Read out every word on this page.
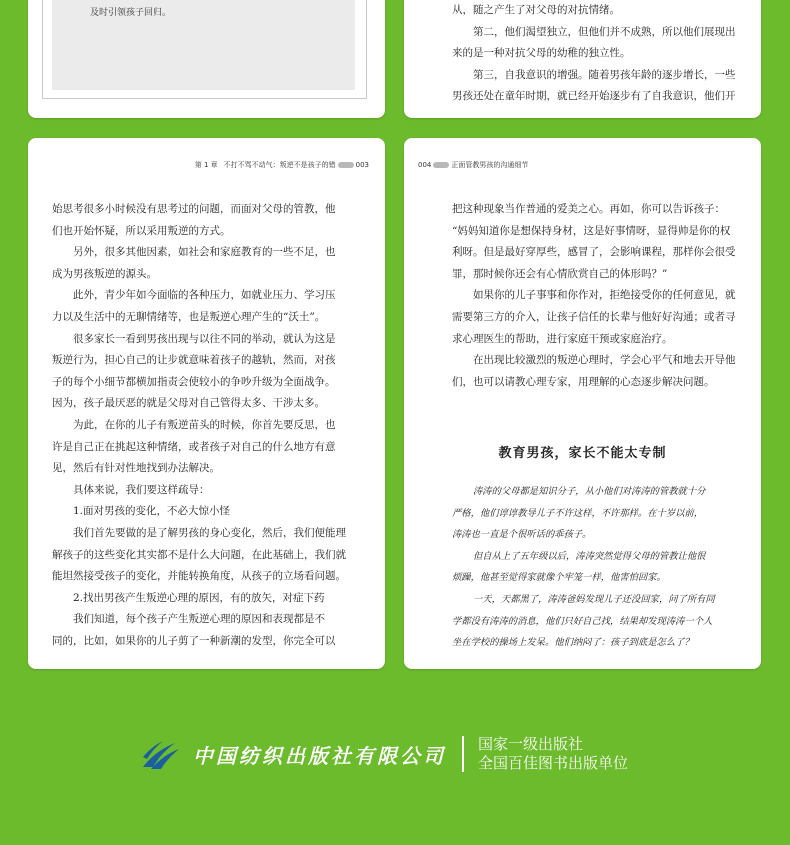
及时引领孩子回归。	从，随之产生了对父母的对抗情绪。

第二，他们渴望独立，但他们并不成熟，所以他们展现出

来的是一种对抗父母的幼稚的独立性。

第三，自我意识的增强。随着男孩年龄的逐步增长，一些

男孩还处在童年时期，就已经开始逐步有了自我意识，他们开

第 1 章 不打不骂不动气：叛逆不是孩子的错	003

始思考很多小时候没有思考过的问题，而面对父母的管教，他

们也开始怀疑，所以采用叛逆的方式。

另外，很多其他因素，如社会和家庭教育的一些不足，也

成为男孩叛逆的源头。

此外，青少年如今面临的各种压力，如就业压力、学习压

力以及生活中的无聊情绪等，也是叛逆心理产生的“沃土”。

很多家长一看到男孩出现与以往不同的举动，就认为这是

叛逆行为，担心自己的让步就意味着孩子的越轨，然而，对孩

子的每个小细节都横加指责会使较小的争吵升级为全面战争。

因为，孩子最厌恶的就是父母对自己管得太多、干涉太多。

为此，在你的儿子有叛逆苗头的时候，你首先要反思，也

许是自己正在挑起这种情绪，或者孩子对自己的什么地方有意

见，然后有针对性地找到办法解决。

具体来说，我们要这样疏导：

1.面对男孩的变化，不必大惊小怪

我们首先要做的是了解男孩的身心变化，然后，我们便能理

解孩子的这些变化其实都不是什么大问题，在此基础上，我们就

能坦然接受孩子的变化，并能转换角度，从孩子的立场看问题。

2.找出男孩产生叛逆心理的原因，有的放矢，对症下药

我们知道，每个孩子产生叛逆心理的原因和表现都是不

同的，比如，如果你的儿子剪了一种新潮的发型，你完全可以

004	正面管教男孩的沟通细节

把这种现象当作普通的爱美之心。再如，你可以告诉孩子：

“妈妈知道你是想保持身材，这是好事情呀，显得帅是你的权

利呀。但是最好穿厚些，感冒了，会影响课程，那样你会很受

罪，那时候你还会有心情欣赏自己的体形吗？”

如果你的儿子事事和你作对，拒绝接受你的任何意见，就

需要第三方的介入，让孩子信任的长辈与他好好沟通；或者寻

求心理医生的帮助，进行家庭干预或家庭治疗。

在出现比较激烈的叛逆心理时，学会心平气和地去开导他

们，也可以请教心理专家，用理解的心态逐步解决问题。

教育男孩，家长不能太专制

涛涛的父母都是知识分子，从小他们对涛涛的管教就十分

严格，他们谆谆教导儿子不许这样，不许那样。在十岁以前，

涛涛也一直是个很听话的乖孩子。

但自从上了五年级以后，涛涛突然觉得父母的管教让他很

烦躁，他甚至觉得家就像个牢笼一样，他害怕回家。

一天，天都黑了，涛涛爸妈发现儿子还没回家，问了所有同

学都没有涛涛的消息，他们只好自己找，结果却发现涛涛一个人

坐在学校的操场上发呆。他们纳闷了：孩子到底是怎么了？

中国纺织出版社有限公司 国家一级出版社
全国百佳图书出版单位
